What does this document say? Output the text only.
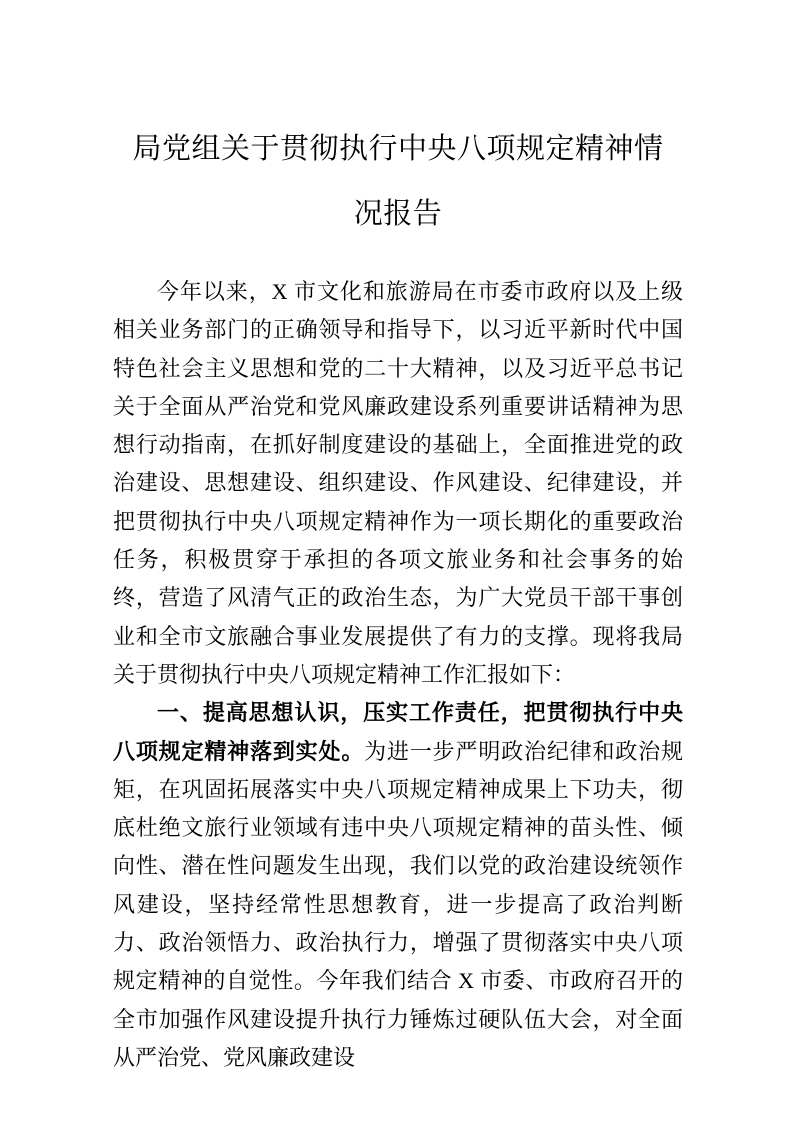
局党组关于贯彻执行中央八项规定精神情
况报告

今年以来，X 市文化和旅游局在市委市政府以及上级相关业务部门的正确领导和指导下，以习近平新时代中国特色社会主义思想和党的二十大精神，以及习近平总书记关于全面从严治党和党风廉政建设系列重要讲话精神为思想行动指南，在抓好制度建设的基础上，全面推进党的政治建设、思想建设、组织建设、作风建设、纪律建设，并把贯彻执行中央八项规定精神作为一项长期化的重要政治任务，积极贯穿于承担的各项文旅业务和社会事务的始终，营造了风清气正的政治生态，为广大党员干部干事创业和全市文旅融合事业发展提供了有力的支撑。现将我局关于贯彻执行中央八项规定精神工作汇报如下：

一、提高思想认识，压实工作责任，把贯彻执行中央八项规定精神落到实处。为进一步严明政治纪律和政治规矩，在巩固拓展落实中央八项规定精神成果上下功夫，彻底杜绝文旅行业领域有违中央八项规定精神的苗头性、倾向性、潜在性问题发生出现，我们以党的政治建设统领作风建设，坚持经常性思想教育，进一步提高了政治判断力、政治领悟力、政治执行力，增强了贯彻落实中央八项规定精神的自觉性。今年我们结合 X 市委、市政府召开的全市加强作风建设提升执行力锤炼过硬队伍大会，对全面从严治党、党风廉政建设
